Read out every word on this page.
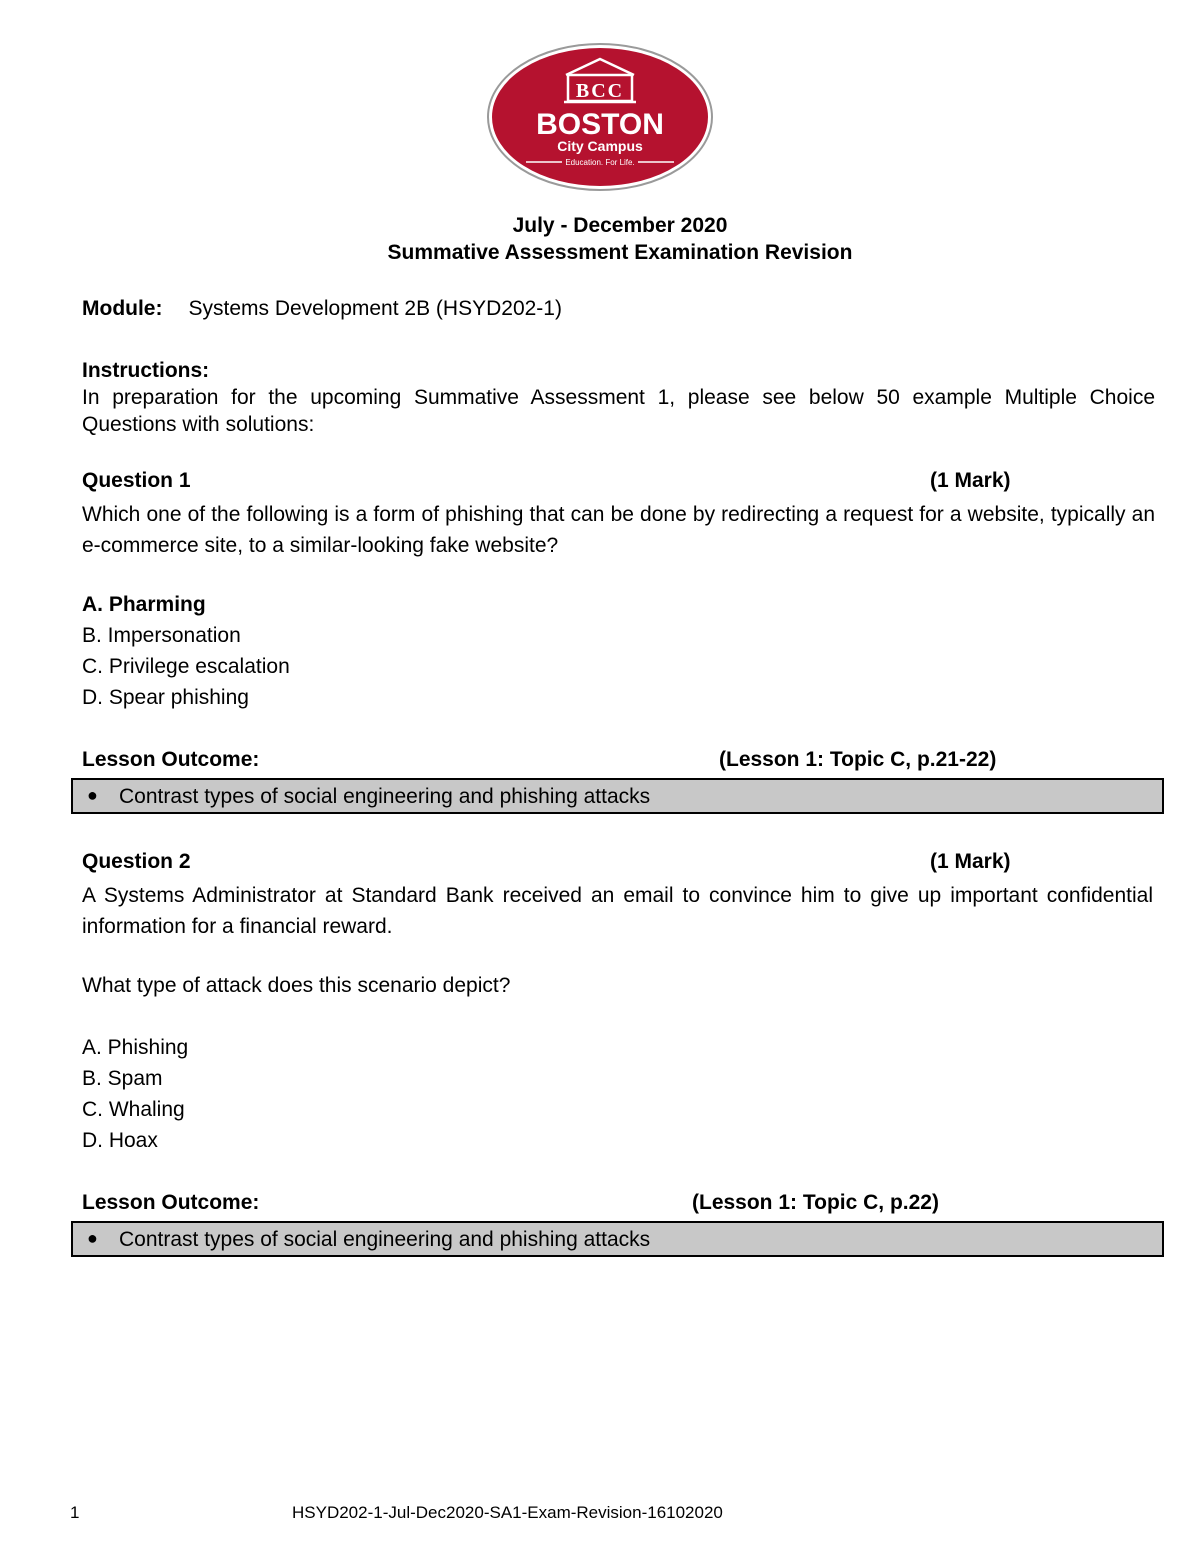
BCC
BOSTON
City Campus
Education. For Life.
July - December 2020
Summative Assessment Examination Revision
Module: Systems Development 2B (HSYD202-1)
Instructions:
In preparation for the upcoming Summative Assessment 1, please see below 50 example Multiple Choice Questions with solutions:
Question 1	(1 Mark)
Which one of the following is a form of phishing that can be done by redirecting a request for a website, typically an e-commerce site, to a similar-looking fake website?
A. Pharming
B. Impersonation
C. Privilege escalation
D. Spear phishing
Lesson Outcome:	(Lesson 1: Topic C, p.21-22)
● Contrast types of social engineering and phishing attacks
Question 2	(1 Mark)
A Systems Administrator at Standard Bank received an email to convince him to give up important confidential information for a financial reward.
What type of attack does this scenario depict?
A. Phishing
B. Spam
C. Whaling
D. Hoax
Lesson Outcome:	(Lesson 1: Topic C, p.22)
● Contrast types of social engineering and phishing attacks
1	HSYD202-1-Jul-Dec2020-SA1-Exam-Revision-16102020
